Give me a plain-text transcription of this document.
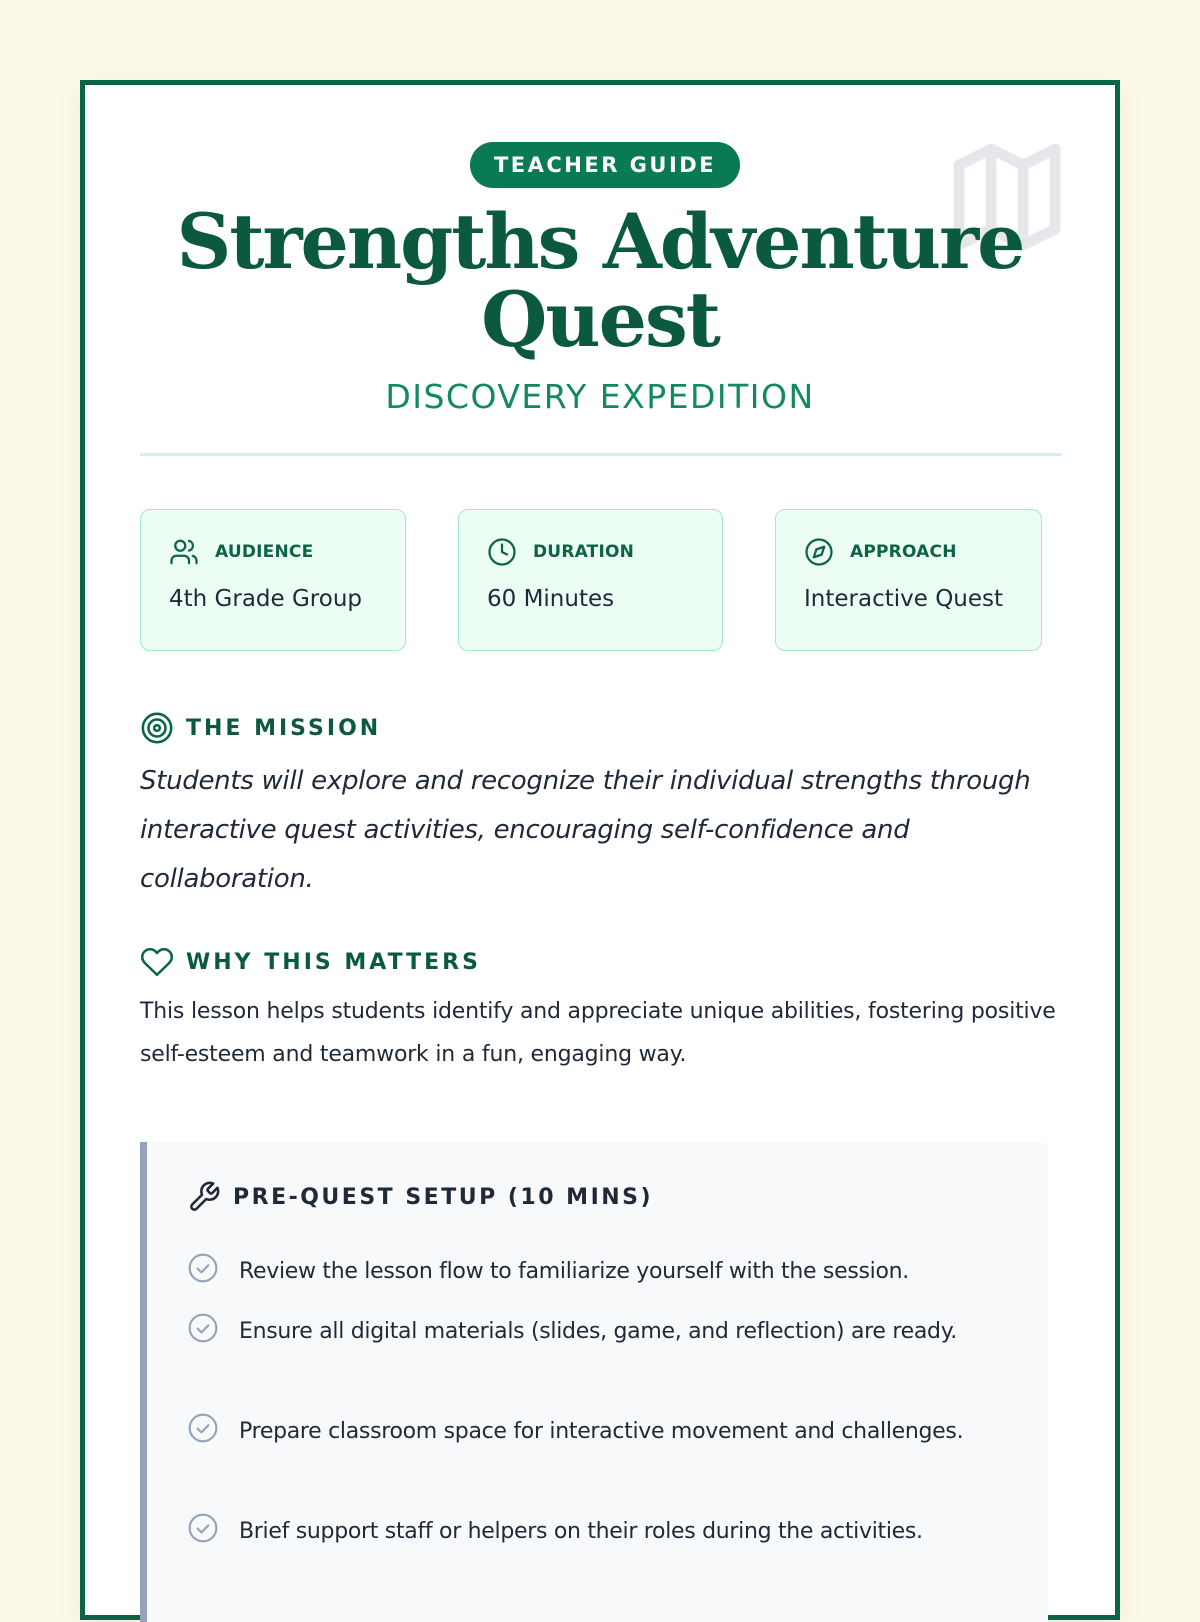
TEACHER GUIDE
Strengths Adventure Quest
DISCOVERY EXPEDITION
AUDIENCE
4th Grade Group
DURATION
60 Minutes
APPROACH
Interactive Quest
THE MISSION

Students will explore and recognize their individual strengths through interactive quest activities, encouraging self-confidence and collaboration.

WHY THIS MATTERS

This lesson helps students identify and appreciate unique abilities, fostering positive self-esteem and teamwork in a fun, engaging way.

PRE-QUEST SETUP (10 MINS)
Review the lesson flow to familiarize yourself with the session.
Ensure all digital materials (slides, game, and reflection) are ready.
Prepare classroom space for interactive movement and challenges.
Brief support staff or helpers on their roles during the activities.
